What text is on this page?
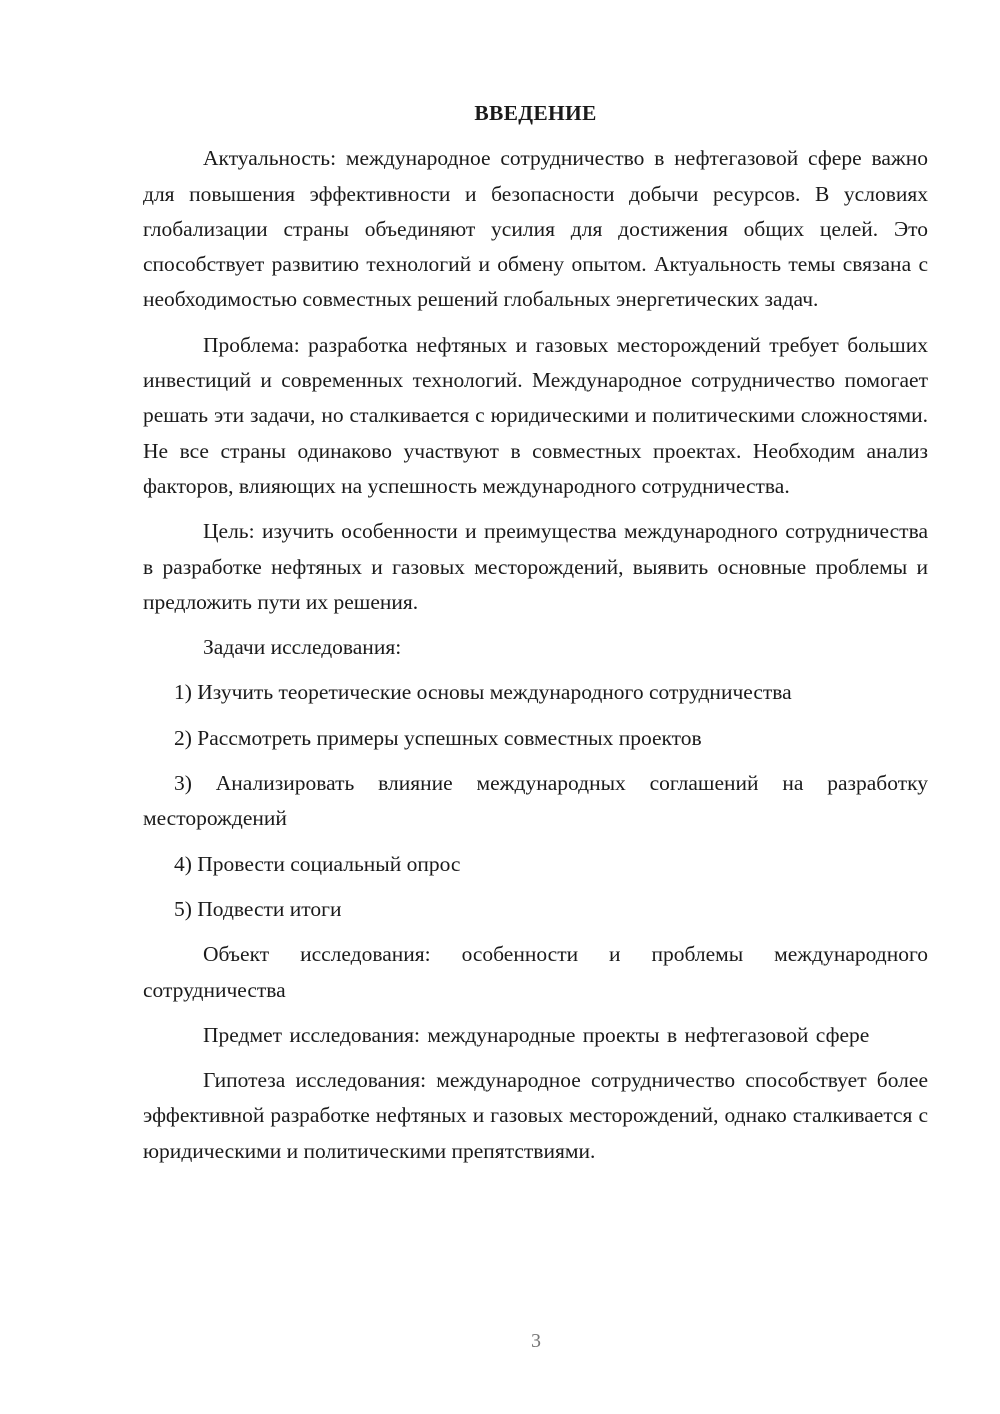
ВВЕДЕНИЕ

Актуальность: международное сотрудничество в нефтегазовой сфере важно для повышения эффективности и безопасности добычи ресурсов. В условиях глобализации страны объединяют усилия для достижения общих целей. Это способствует развитию технологий и обмену опытом. Актуальность темы связана с необходимостью совместных решений глобальных энергетических задач.

Проблема: разработка нефтяных и газовых месторождений требует больших инвестиций и современных технологий. Международное сотрудничество помогает решать эти задачи, но сталкивается с юридическими и политическими сложностями. Не все страны одинаково участвуют в совместных проектах. Необходим анализ факторов, влияющих на успешность международного сотрудничества.

Цель: изучить особенности и преимущества международного сотрудничества в разработке нефтяных и газовых месторождений, выявить основные проблемы и предложить пути их решения.

Задачи исследования:

1) Изучить теоретические основы международного сотрудничества

2) Рассмотреть примеры успешных совместных проектов

3) Анализировать влияние международных соглашений на разработку месторождений

4) Провести социальный опрос

5) Подвести итоги

Объект исследования: особенности и проблемы международного сотрудничества

Предмет исследования: международные проекты в нефтегазовой сфере

Гипотеза исследования: международное сотрудничество способствует более эффективной разработке нефтяных и газовых месторождений, однако сталкивается с юридическими и политическими препятствиями.

3
